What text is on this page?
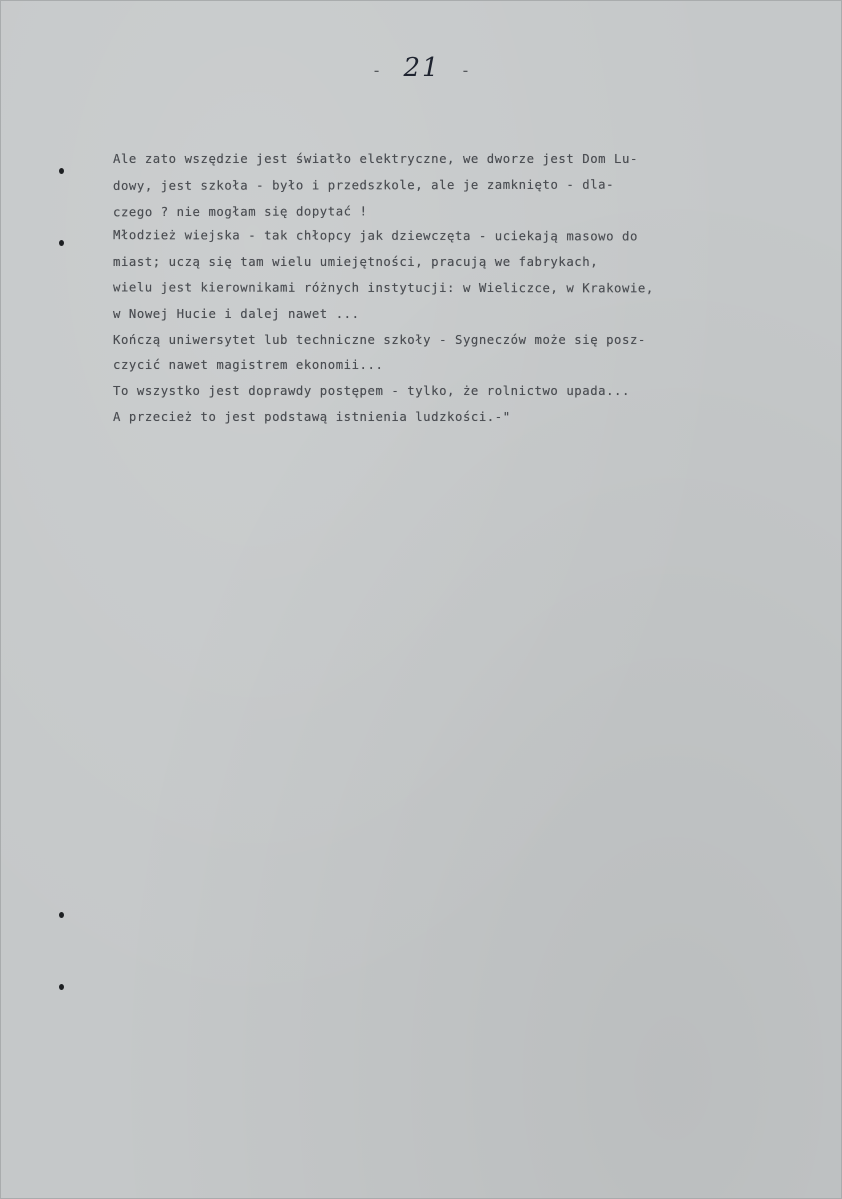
- 21 -
Ale zato wszędzie jest światło elektryczne, we dworze jest Dom Lu-
dowy, jest szkoła - było i przedszkole, ale je zamknięto - dla-
czego ? nie mogłam się dopytać !
Młodzież wiejska - tak chłopcy jak dziewczęta - uciekają masowo do
miast; uczą się tam wielu umiejętności, pracują we fabrykach,
wielu jest kierownikami różnych instytucji: w Wieliczce, w Krakowie,
w Nowej Hucie i dalej nawet ...
Kończą uniwersytet lub techniczne szkoły - Sygneczów może się posz-
czycić nawet magistrem ekonomii...
To wszystko jest doprawdy postępem - tylko, że rolnictwo upada...
A przecież to jest podstawą istnienia ludzkości.-"
